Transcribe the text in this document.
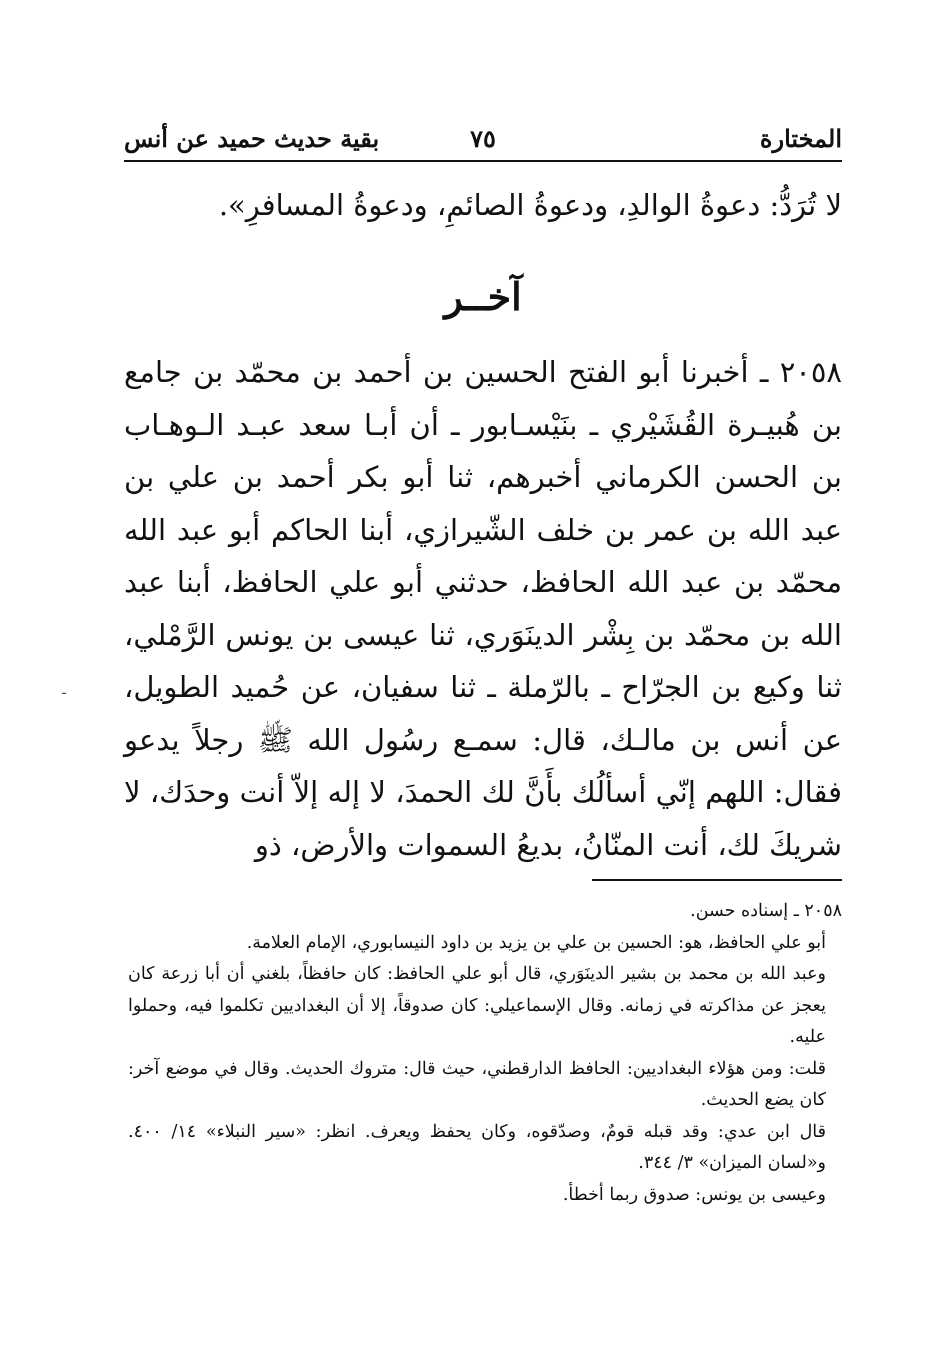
المختارة
٧٥
بقية حديث حميد عن أنس

لا تُرَدُّ: دعوةُ الوالدِ، ودعوةُ الصائمِ، ودعوةُ المسافرِ».

آخــر
٢٠٥٨ ـ أخبرنا أبو الفتح الحسين بن أحمد بن محمّد بن جامع بن هُبيـرة القُشَيْري ـ بنَيْسـابور ـ أن أبـا سعد عبـد الـوهـاب بن الحسن الكرماني أخبرهم، ثنا أبو بكر أحمد بن علي بن عبد الله بن عمر بن خلف الشّيرازي، أبنا الحاكم أبو عبد الله محمّد بن عبد الله الحافظ، حدثني أبو علي الحافظ، أبنا عبد الله بن محمّد بن بِشْر الدينَوَري، ثنا عيسى بن يونس الرَّمْلي، ثنا وكيع بن الجرّاح ـ بالرّملة ـ ثنا سفيان، عن حُميد الطويل، عن أنس بن مالـك، قال: سمـع رسُول الله ﷺ رجلاً يدعو فقال: اللهم إنّي أسألُك بأَنَّ لك الحمدَ، لا إله إلاّ أنت وحدَك، لا شريكَ لك، أنت المنّانُ، بديعُ السموات والأرض، ذو
ـ

٢٠٥٨ ـ إسناده حسن.

أبو علي الحافظ، هو: الحسين بن علي بن يزيد بن داود النيسابوري، الإمام العلامة.

وعبد الله بن محمد بن بشير الدينَوَري، قال أبو علي الحافظ: كان حافظاً، بلغني أن أبا زرعة كان يعجز عن مذاكرته في زمانه. وقال الإسماعيلي: كان صدوقاً، إلا أن البغداديين تكلموا فيه، وحملوا عليه.

قلت: ومن هؤلاء البغداديين: الحافظ الدارقطني، حيث قال: متروك الحديث. وقال في موضع آخر: كان يضع الحديث.

قال ابن عدي: وقد قبله قومٌ، وصدّقوه، وكان يحفظ ويعرف. انظر: «سير النبلاء» ١٤/ ٤٠٠. و«لسان الميزان» ٣/ ٣٤٤.

وعيسى بن يونس: صدوق ربما أخطأ.
